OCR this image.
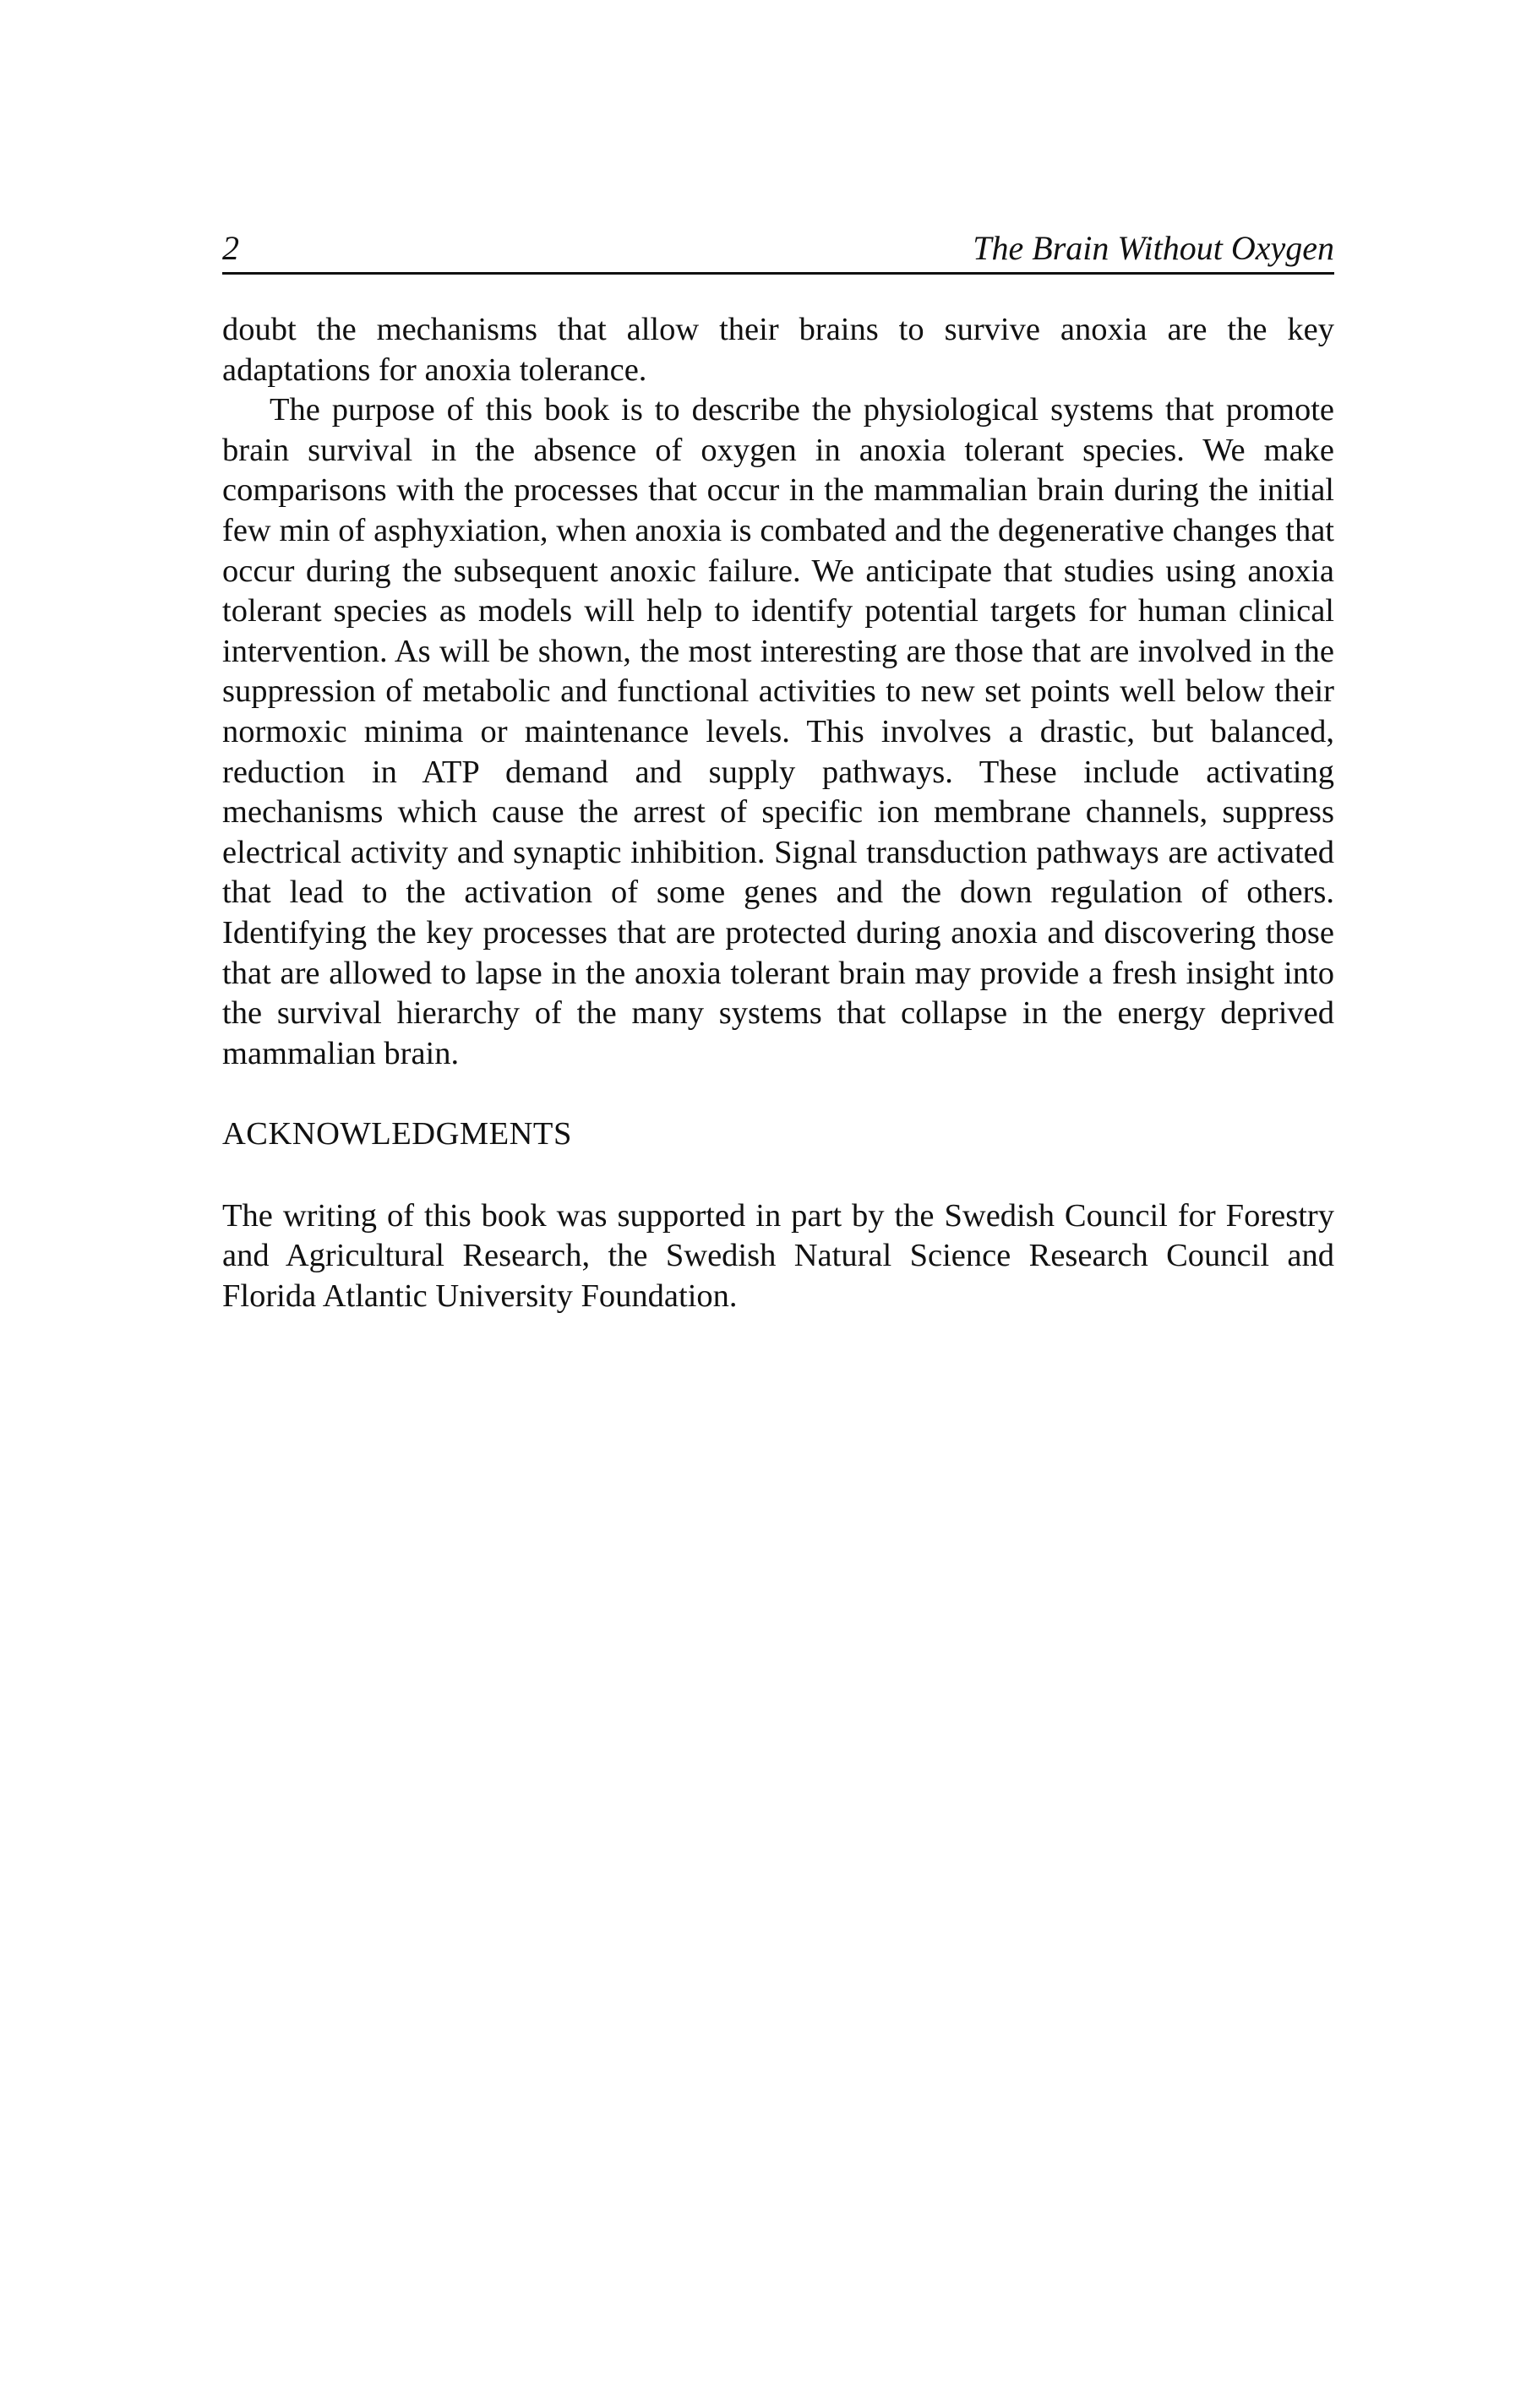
2	The Brain Without Oxygen

doubt the mechanisms that allow their brains to survive anoxia are the key adaptations for anoxia tolerance.

The purpose of this book is to describe the physiological systems that promote brain survival in the absence of oxygen in anoxia tolerant species. We make comparisons with the processes that occur in the mammalian brain during the initial few min of asphyxiation, when anoxia is combated and the degenerative changes that occur during the subsequent anoxic failure. We anticipate that studies using anoxia tolerant species as models will help to identify potential targets for human clinical intervention. As will be shown, the most interesting are those that are involved in the suppression of metabolic and functional activities to new set points well below their normoxic minima or maintenance levels. This involves a drastic, but balanced, reduction in ATP demand and supply pathways. These include activating mechanisms which cause the arrest of specific ion membrane channels, suppress electrical activity and synaptic inhibition. Signal transduction pathways are activated that lead to the activation of some genes and the down regulation of others. Identifying the key processes that are protected during anoxia and discovering those that are allowed to lapse in the anoxia tolerant brain may provide a fresh insight into the survival hierarchy of the many systems that collapse in the energy deprived mammalian brain.

ACKNOWLEDGMENTS

The writing of this book was supported in part by the Swedish Council for Forestry and Agricultural Research, the Swedish Natural Science Research Council and Florida Atlantic University Foundation.
